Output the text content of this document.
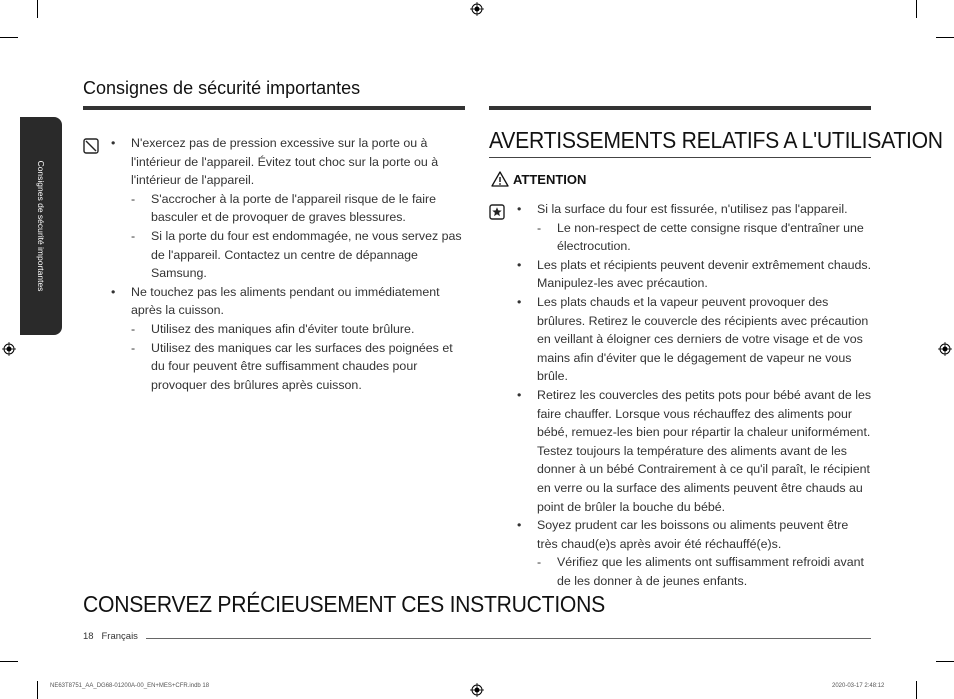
Consignes de sécurité importantes
Consignes de sécurité importantes
• N'exercez pas de pression excessive sur la porte ou à l'intérieur de l'appareil. Évitez tout choc sur la porte ou à l'intérieur de l'appareil.
- S'accrocher à la porte de l'appareil risque de le faire basculer et de provoquer de graves blessures.
- Si la porte du four est endommagée, ne vous servez pas de l'appareil. Contactez un centre de dépannage Samsung.
• Ne touchez pas les aliments pendant ou immédiatement après la cuisson.
- Utilisez des maniques afin d'éviter toute brûlure.
- Utilisez des maniques car les surfaces des poignées et du four peuvent être suffisamment chaudes pour provoquer des brûlures après cuisson.
CONSERVEZ PRÉCIEUSEMENT CES INSTRUCTIONS
AVERTISSEMENTS RELATIFS A L'UTILISATION
ATTENTION
• Si la surface du four est fissurée, n'utilisez pas l'appareil.
- Le non-respect de cette consigne risque d'entraîner une électrocution.
• Les plats et récipients peuvent devenir extrêmement chauds. Manipulez-les avec précaution.
• Les plats chauds et la vapeur peuvent provoquer des brûlures. Retirez le couvercle des récipients avec précaution en veillant à éloigner ces derniers de votre visage et de vos mains afin d'éviter que le dégagement de vapeur ne vous brûle.
• Retirez les couvercles des petits pots pour bébé avant de les faire chauffer. Lorsque vous réchauffez des aliments pour bébé, remuez-les bien pour répartir la chaleur uniformément. Testez toujours la température des aliments avant de les donner à un bébé Contrairement à ce qu'il paraît, le récipient en verre ou la surface des aliments peuvent être chauds au point de brûler la bouche du bébé.
• Soyez prudent car les boissons ou aliments peuvent être très chaud(e)s après avoir été réchauffé(e)s.
- Vérifiez que les aliments ont suffisamment refroidi avant de les donner à de jeunes enfants.
18 Français
NE63T8751_AA_DG68-01200A-00_EN+MES+CFR.indb 18	2020-03-17 2:48:12
